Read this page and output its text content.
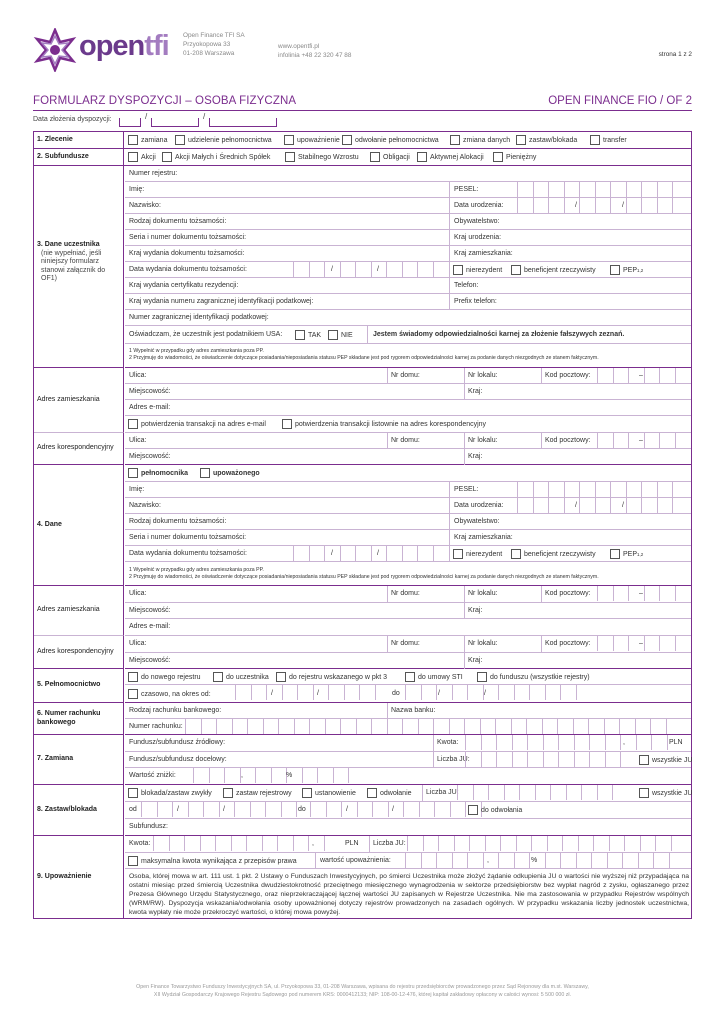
opentfi Open Finance TFI SA
Przyokopowa 33
01-208 Warszawa
www.opentfi.pl
infolinia +48 22 320 47 88	strona 1 z 2
FORMULARZ DYSPOZYCJI – OSOBA FIZYCZNA	OPEN FINANCE FIO / OF 2
Data złożenia dyspozycji:	/	/
1. Zlecenie	zamiana	udzielenie pełnomocnictwa	upoważnienie odwołanie pełnomocnictwa	zmiana danych	zastaw/blokada	transfer
2. Subfundusze	Akcji	Akcji Małych i Średnich Spółek	Stabilnego Wzrostu	Obligacji	Aktywnej Alokacji	Pieniężny
3. Dane uczestnika
(nie wypełniać, jeśli niniejszy formularz stanowi załącznik do OF1)
Numer rejestru:
Imię:	PESEL:
Nazwisko:	Data urodzenia:	/	/
Rodzaj dokumentu tożsamości:	Obywatelstwo:
Seria i numer dokumentu tożsamości:	Kraj urodzenia:
Kraj wydania dokumentu tożsamości:	Kraj zamieszkania:
Data wydania dokumentu tożsamości:	/	/	nierezydent	beneficjent rzeczywisty	PEP 1,2
Kraj wydania certyfikatu rezydencji:	Telefon:
Kraj wydania numeru zagranicznej identyfikacji podatkowej:	Prefix telefon:
Numer zagranicznej identyfikacji podatkowej:
Oświadczam, że uczestnik jest podatnikiem USA:	TAK	NIE	Jestem świadomy odpowiedzialności karnej za złożenie fałszywych zeznań.
1 Wypełnić w przypadku gdy adres zamieszkania poza PP.
2 Przyjmuję do wiadomości, że oświadczenie dotyczące posiadania/nieposiadania statusu PEP składane jest pod rygorem odpowiedzialności karnej za podanie danych niezgodnych ze stanem faktycznym.
Adres zamieszkania
Ulica:	Nr domu:	Nr lokalu:	Kod pocztowy:	–
Miejscowość:	Kraj:
Adres e-mail:
potwierdzenia transakcji na adres e-mail	potwierdzenia transakcji listownie na adres korespondencyjny
Adres korespondencyjny
Ulica:	Nr domu:	Nr lokalu:	Kod pocztowy:	–
Miejscowość:	Kraj:
4. Dane
pełnomocnika	upoważonego
Imię:	PESEL:
Nazwisko:	Data urodzenia:	/	/
Rodzaj dokumentu tożsamości:	Obywatelstwo:
Seria i numer dokumentu tożsamości:	Kraj zamieszkania:
Data wydania dokumentu tożsamości:	/	/	nierezydent	beneficjent rzeczywisty	PEP 1,2
1 Wypełnić w przypadku gdy adres zamieszkania poza PP.
2 Przyjmuję do wiadomości, że oświadczenie dotyczące posiadania/nieposiadania statusu PEP składane jest pod rygorem odpowiedzialności karnej za podanie danych niezgodnych ze stanem faktycznym.
Adres zamieszkania
Ulica:	Nr domu:	Nr lokalu:	Kod pocztowy:	–
Miejscowość:	Kraj:
Adres e-mail:
Adres korespondencyjny
Ulica:	Nr domu:	Nr lokalu:	Kod pocztowy:	–
Miejscowość:	Kraj:
5. Pełnomocnictwo
do nowego rejestru	do uczestnika	do rejestru wskazanego w pkt 3	do umowy STI	do funduszu (wszystkie rejestry)
czasowo, na okres od:	/	/	do	/	/
6. Numer rachunku bankowego
Rodzaj rachunku bankowego:	Nazwa banku:
Numer rachunku:
7. Zamiana
Fundusz/subfundusz źródłowy:	Kwota:	,	PLN
Fundusz/subfundusz docelowy:	Liczba JU:	wszystkie JU
Wartość zniżki:	,	%
8. Zastaw/blokada
blokada/zastaw zwykły	zastaw rejestrowy	ustanowienie	odwołanie Liczba JU:	wszystkie JU
od	/	/	do	/	/	do odwołania
Subfundusz:
9. Upoważnienie
Kwota:	,	PLN Liczba JU:
maksymalna kwota wynikająca z przepisów prawa	wartość upoważnienia:	,	%
Osoba, której mowa w art. 111 ust. 1 pkt. 2 Ustawy o Funduszach Inwestycyjnych, po śmierci Uczestnika może złożyć żądanie odkupienia JU o wartości nie wyższej niż przypadająca na ostatni miesiąc przed śmiercią Uczestnika dwudziestokrotność przeciętnego miesięcznego wynagrodzenia w sektorze przedsiębiorstw bez wypłat nagród z zysku, ogłaszanego przez Prezesa Głównego Urzędu Statystycznego, oraz nieprzekraczającej łącznej wartości JU zapisanych w Rejestrze Uczestnika. Nie ma zastosowania w przypadku Rejestrów wspólnych (WRM/RW). Dyspozycja wskazania/odwołania osoby upoważnionej dotyczy rejestrów prowadzonych na zasadach ogólnych. W przypadku wskazania liczby jednostek uczestnictwa, kwota wypłaty nie może przekroczyć wartości, o której mowa powyżej.
Open Finance Towarzystwo Funduszy Inwestycyjnych SA, ul. Przyokopowa 33, 01-208 Warszawa, wpisana do rejestru przedsiębiorców prowadzonego przez Sąd Rejonowy dla m.st. Warszawy,
XII Wydział Gospodarczy Krajowego Rejestru Sądowego pod numerem KRS: 0000412133; NIP: 108-00-12-476, której kapitał zakładowy opłacony w całości wynosi: 5 500 000 zł.
